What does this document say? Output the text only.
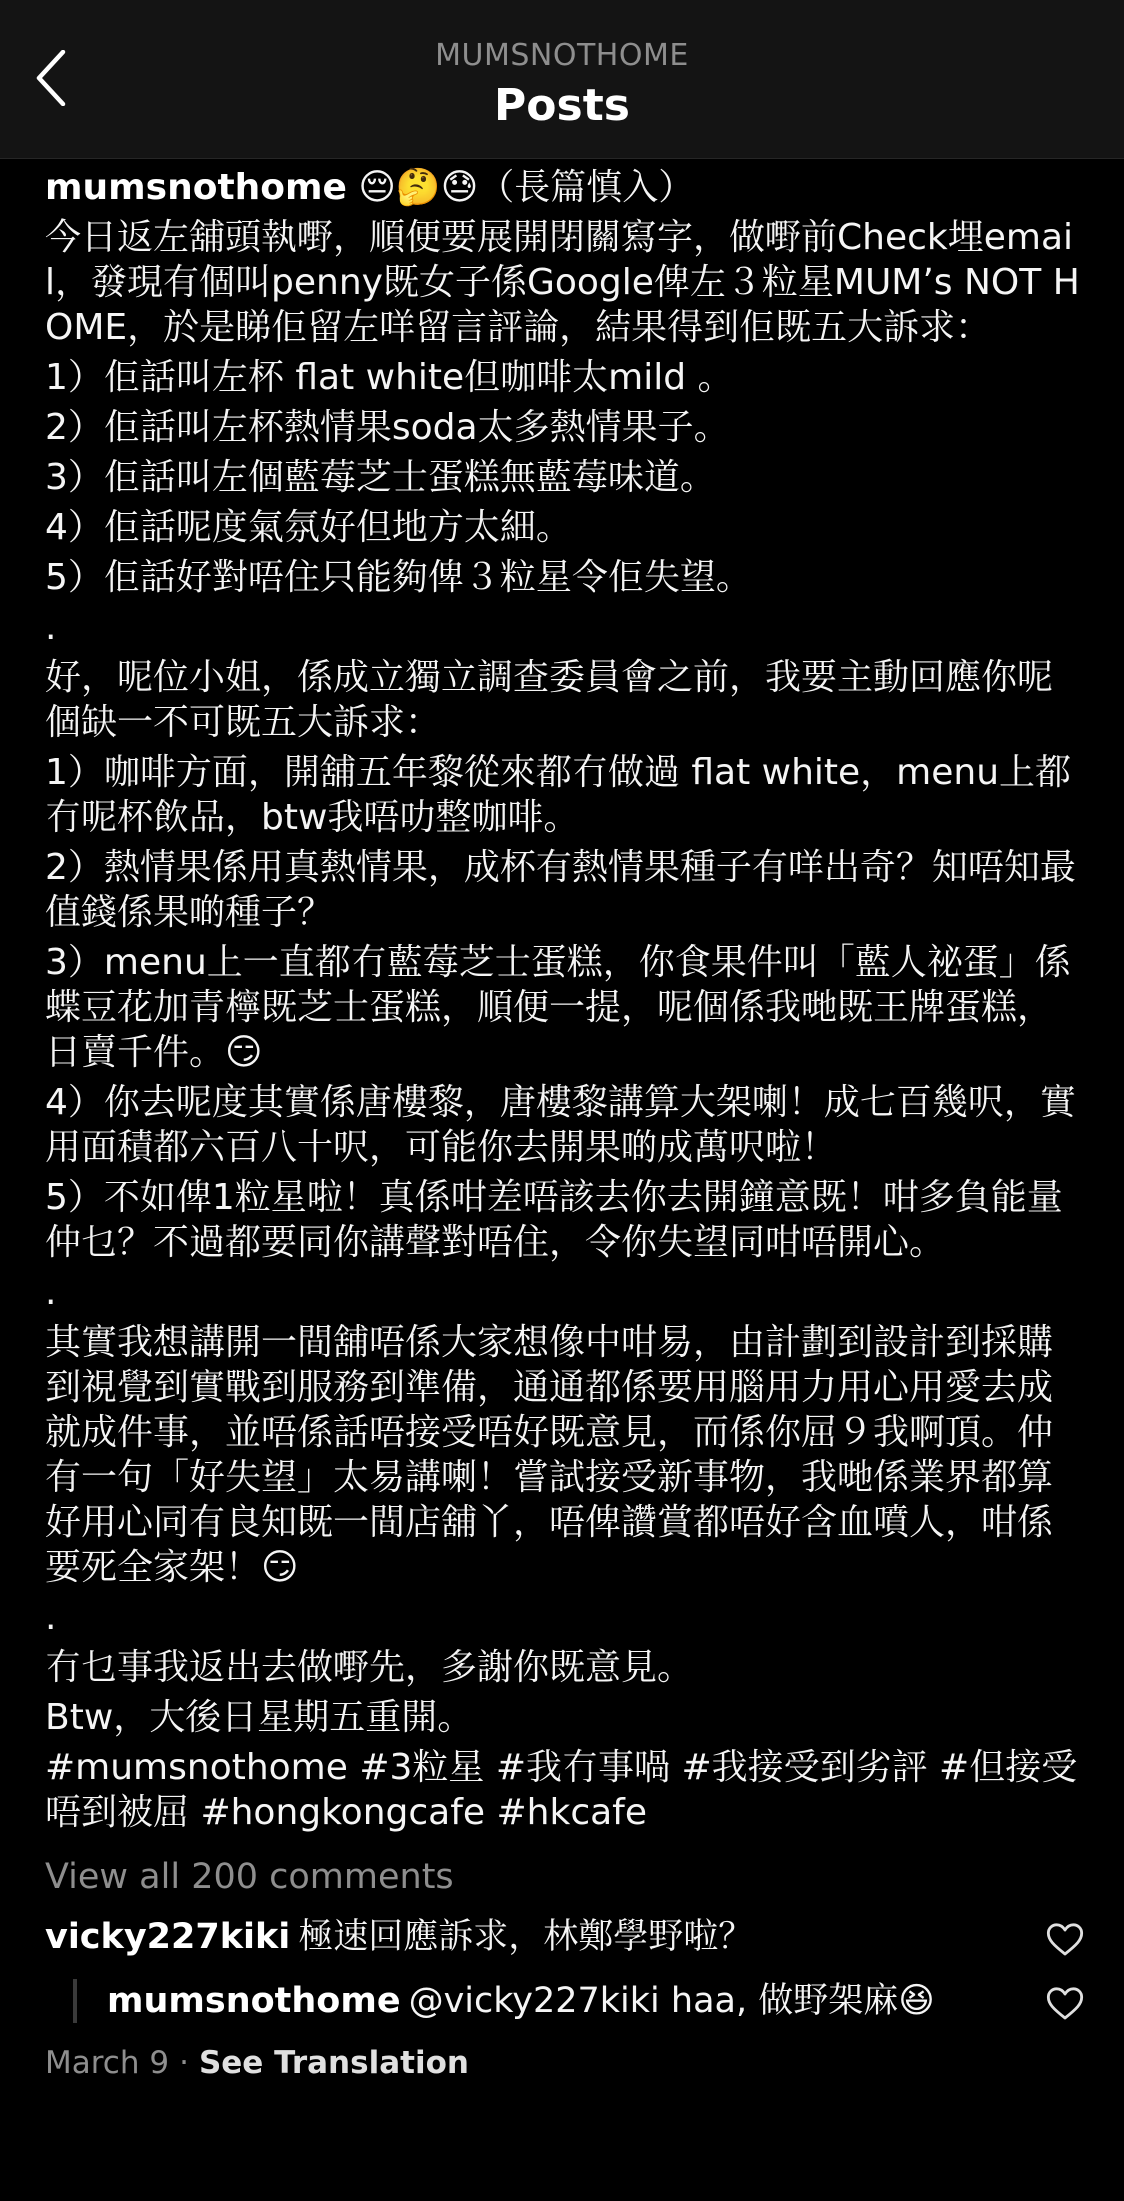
MUMSNOTHOME
Posts

mumsnothome 😔🤔😓（長篇慎入）

今日返左舖頭執嘢，順便要展開閉關寫字，做嘢前Check埋email，發現有個叫penny既女子係Google俾左３粒星MUM’s NOT HOME，於是睇佢留左咩留言評論，結果得到佢既五大訴求：

1）佢話叫左杯 flat white但咖啡太mild 。

2）佢話叫左杯熱情果soda太多熱情果子。

3）佢話叫左個藍莓芝士蛋糕無藍莓味道。

4）佢話呢度氣氛好但地方太細。

5）佢話好對唔住只能夠俾３粒星令佢失望。

.

好，呢位小姐，係成立獨立調查委員會之前，我要主動回應你呢個缺一不可既五大訴求：

1）咖啡方面，開舖五年黎從來都冇做過 flat white，menu上都冇呢杯飲品，btw我唔叻整咖啡。

2）熱情果係用真熱情果，成杯有熱情果種子有咩出奇？知唔知最值錢係果啲種子？

3）menu上一直都冇藍莓芝士蛋糕，你食果件叫「藍人祕蛋」係蝶豆花加青檸既芝士蛋糕，順便一提，呢個係我哋既王牌蛋糕，日賣千件。😏

4）你去呢度其實係唐樓黎，唐樓黎講算大架喇！成七百幾呎，實用面積都六百八十呎，可能你去開果啲成萬呎啦！

5）不如俾1粒星啦！真係咁差唔該去你去開鐘意既！咁多負能量仲乜？不過都要同你講聲對唔住，令你失望同咁唔開心。

.

其實我想講開一間舖唔係大家想像中咁易，由計劃到設計到採購到視覺到實戰到服務到準備，通通都係要用腦用力用心用愛去成就成件事，並唔係話唔接受唔好既意見，而係你屈９我啊頂。仲有一句「好失望」太易講喇！嘗試接受新事物，我哋係業界都算好用心同有良知既一間店舖丫，唔俾讚賞都唔好含血噴人，咁係要死全家架！😏

.

冇乜事我返出去做嘢先，多謝你既意見。

Btw，大後日星期五重開。

#mumsnothome #3粒星 #我冇事喎 #我接受到劣評 #但接受唔到被屈 #hongkongcafe #hkcafe

View all 200 comments
vicky227kiki 極速回應訴求，林鄭學野啦？
mumsnothome @vicky227kiki haa, 做野架麻😆
March 9 · See Translation
